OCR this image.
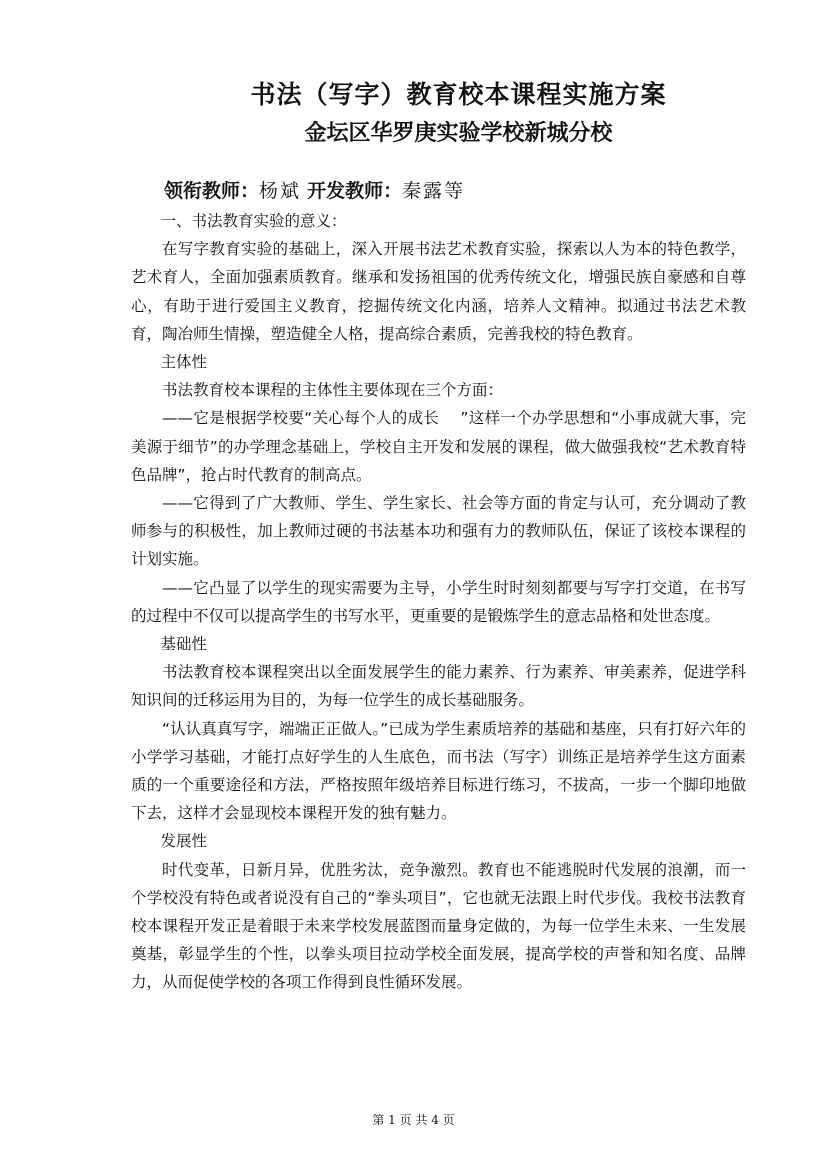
书法（写字）教育校本课程实施方案
金坛区华罗庚实验学校新城分校
领衔教师：杨斌 开发教师：秦露等

一、书法教育实验的意义：

在写字教育实验的基础上，深入开展书法艺术教育实验，探索以人为本的特色教学，艺术育人，全面加强素质教育。继承和发扬祖国的优秀传统文化，增强民族自豪感和自尊心，有助于进行爱国主义教育，挖掘传统文化内涵，培养人文精神。拟通过书法艺术教育，陶冶师生情操，塑造健全人格，提高综合素质，完善我校的特色教育。

主体性

书法教育校本课程的主体性主要体现在三个方面：

——它是根据学校要“关心每个人的成长　 ”这样一个办学思想和“小事成就大事，完美源于细节”的办学理念基础上，学校自主开发和发展的课程，做大做强我校“艺术教育特色品牌”，抢占时代教育的制高点。

——它得到了广大教师、学生、学生家长、社会等方面的肯定与认可，充分调动了教师参与的积极性，加上教师过硬的书法基本功和强有力的教师队伍，保证了该校本课程的计划实施。

——它凸显了以学生的现实需要为主导，小学生时时刻刻都要与写字打交道，在书写的过程中不仅可以提高学生的书写水平，更重要的是锻炼学生的意志品格和处世态度。

基础性

书法教育校本课程突出以全面发展学生的能力素养、行为素养、审美素养，促进学科知识间的迁移运用为目的，为每一位学生的成长基础服务。

“认认真真写字，端端正正做人。”已成为学生素质培养的基础和基座，只有打好六年的小学学习基础，才能打点好学生的人生底色，而书法（写字）训练正是培养学生这方面素质的一个重要途径和方法，严格按照年级培养目标进行练习，不拔高，一步一个脚印地做下去，这样才会显现校本课程开发的独有魅力。

发展性

时代变革，日新月异，优胜劣汰，竞争激烈。教育也不能逃脱时代发展的浪潮，而一个学校没有特色或者说没有自己的“拳头项目”，它也就无法跟上时代步伐。我校书法教育校本课程开发正是着眼于未来学校发展蓝图而量身定做的，为每一位学生未来、一生发展奠基，彰显学生的个性，以拳头项目拉动学校全面发展，提高学校的声誉和知名度、品牌力，从而促使学校的各项工作得到良性循环发展。

第 1 页 共 4 页
